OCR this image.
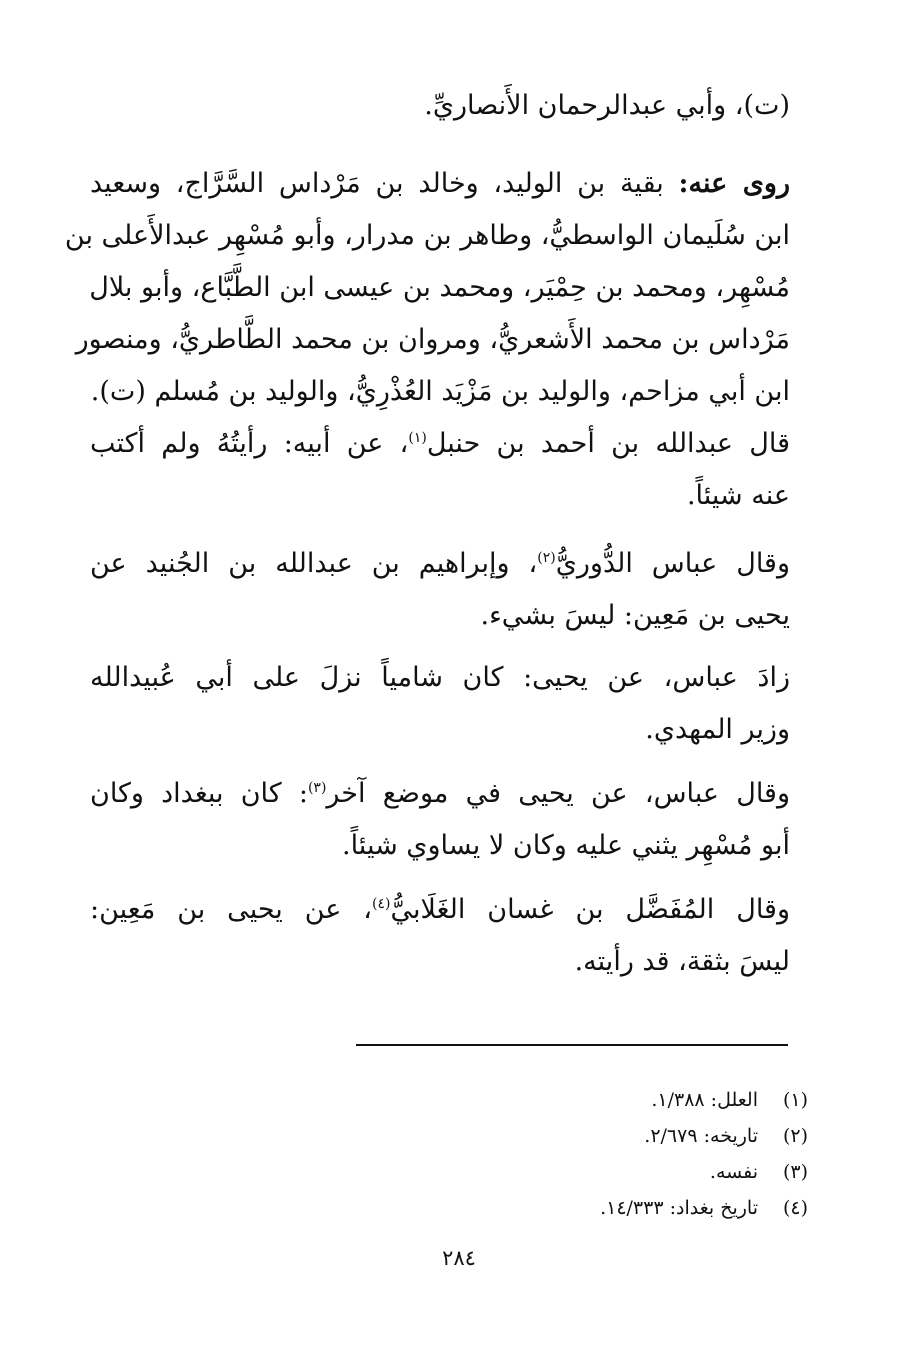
(ت)، وأبي عبدالرحمان الأَنصاريِّ.

روى عنه: بقية بن الوليد، وخالد بن مَرْداس السَّرَّاج، وسعيد
ابن سُلَيمان الواسطيُّ، وطاهر بن مدرار، وأبو مُسْهِر عبدالأَعلى بن
مُسْهِر، ومحمد بن حِمْيَر، ومحمد بن عيسى ابن الطَّبَّاع، وأبو بلال
مَرْداس بن محمد الأَشعريُّ، ومروان بن محمد الطَّاطريُّ، ومنصور
ابن أبي مزاحم، والوليد بن مَزْيَد العُذْرِيُّ، والوليد بن مُسلم (ت).

قال عبدالله بن أحمد بن حنبل$^{(١)}$، عن أبيه: رأيتُهُ ولم أكتب
عنه شيئاً.

وقال عباس الدُّوريُّ$^{(٢)}$، وإبراهيم بن عبدالله بن الجُنيد عن
يحيى بن مَعِين: ليسَ بشيء.

زادَ عباس، عن يحيى: كان شامياً نزلَ على أبي عُبيدالله
وزير المهدي.

وقال عباس، عن يحيى في موضع آخر$^{(٣)}$: كان ببغداد وكان
أبو مُسْهِر يثني عليه وكان لا يساوي شيئاً.

وقال المُفَضَّل بن غسان الغَلَابيُّ$^{(٤)}$، عن يحيى بن مَعِين:
ليسَ بثقة، قد رأيته.

(١)
العلل: ١/٣٨٨.
(٢)
تاريخه: ٢/٦٧٩.
(٣)
نفسه.
(٤)
تاريخ بغداد: ١٤/٣٣٣.
٢٨٤
